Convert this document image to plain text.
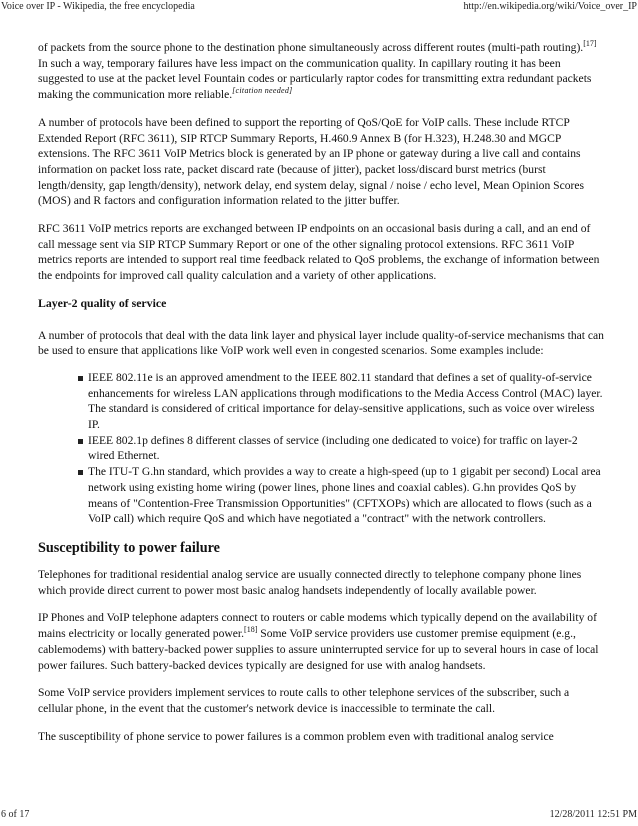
Voice over IP - Wikipedia, the free encyclopedia	http://en.wikipedia.org/wiki/Voice_over_IP

of packets from the source phone to the destination phone simultaneously across different routes (multi-path routing).[17] In such a way, temporary failures have less impact on the communication quality. In capillary routing it has been suggested to use at the packet level Fountain codes or particularly raptor codes for transmitting extra redundant packets making the communication more reliable.[citation needed]

A number of protocols have been defined to support the reporting of QoS/QoE for VoIP calls. These include RTCP Extended Report (RFC 3611), SIP RTCP Summary Reports, H.460.9 Annex B (for H.323), H.248.30 and MGCP extensions. The RFC 3611 VoIP Metrics block is generated by an IP phone or gateway during a live call and contains information on packet loss rate, packet discard rate (because of jitter), packet loss/discard burst metrics (burst length/density, gap length/density), network delay, end system delay, signal / noise / echo level, Mean Opinion Scores (MOS) and R factors and configuration information related to the jitter buffer.

RFC 3611 VoIP metrics reports are exchanged between IP endpoints on an occasional basis during a call, and an end of call message sent via SIP RTCP Summary Report or one of the other signaling protocol extensions. RFC 3611 VoIP metrics reports are intended to support real time feedback related to QoS problems, the exchange of information between the endpoints for improved call quality calculation and a variety of other applications.

Layer-2 quality of service

A number of protocols that deal with the data link layer and physical layer include quality-of-service mechanisms that can be used to ensure that applications like VoIP work well even in congested scenarios. Some examples include:

IEEE 802.11e is an approved amendment to the IEEE 802.11 standard that defines a set of quality-of-service enhancements for wireless LAN applications through modifications to the Media Access Control (MAC) layer. The standard is considered of critical importance for delay-sensitive applications, such as voice over wireless IP.
IEEE 802.1p defines 8 different classes of service (including one dedicated to voice) for traffic on layer-2 wired Ethernet.
The ITU-T G.hn standard, which provides a way to create a high-speed (up to 1 gigabit per second) Local area network using existing home wiring (power lines, phone lines and coaxial cables). G.hn provides QoS by means of "Contention-Free Transmission Opportunities" (CFTXOPs) which are allocated to flows (such as a VoIP call) which require QoS and which have negotiated a "contract" with the network controllers.

Susceptibility to power failure

Telephones for traditional residential analog service are usually connected directly to telephone company phone lines which provide direct current to power most basic analog handsets independently of locally available power.

IP Phones and VoIP telephone adapters connect to routers or cable modems which typically depend on the availability of mains electricity or locally generated power.[18] Some VoIP service providers use customer premise equipment (e.g., cablemodems) with battery-backed power supplies to assure uninterrupted service for up to several hours in case of local power failures. Such battery-backed devices typically are designed for use with analog handsets.

Some VoIP service providers implement services to route calls to other telephone services of the subscriber, such a cellular phone, in the event that the customer's network device is inaccessible to terminate the call.

The susceptibility of phone service to power failures is a common problem even with traditional analog service

6 of 17	12/28/2011 12:51 PM
